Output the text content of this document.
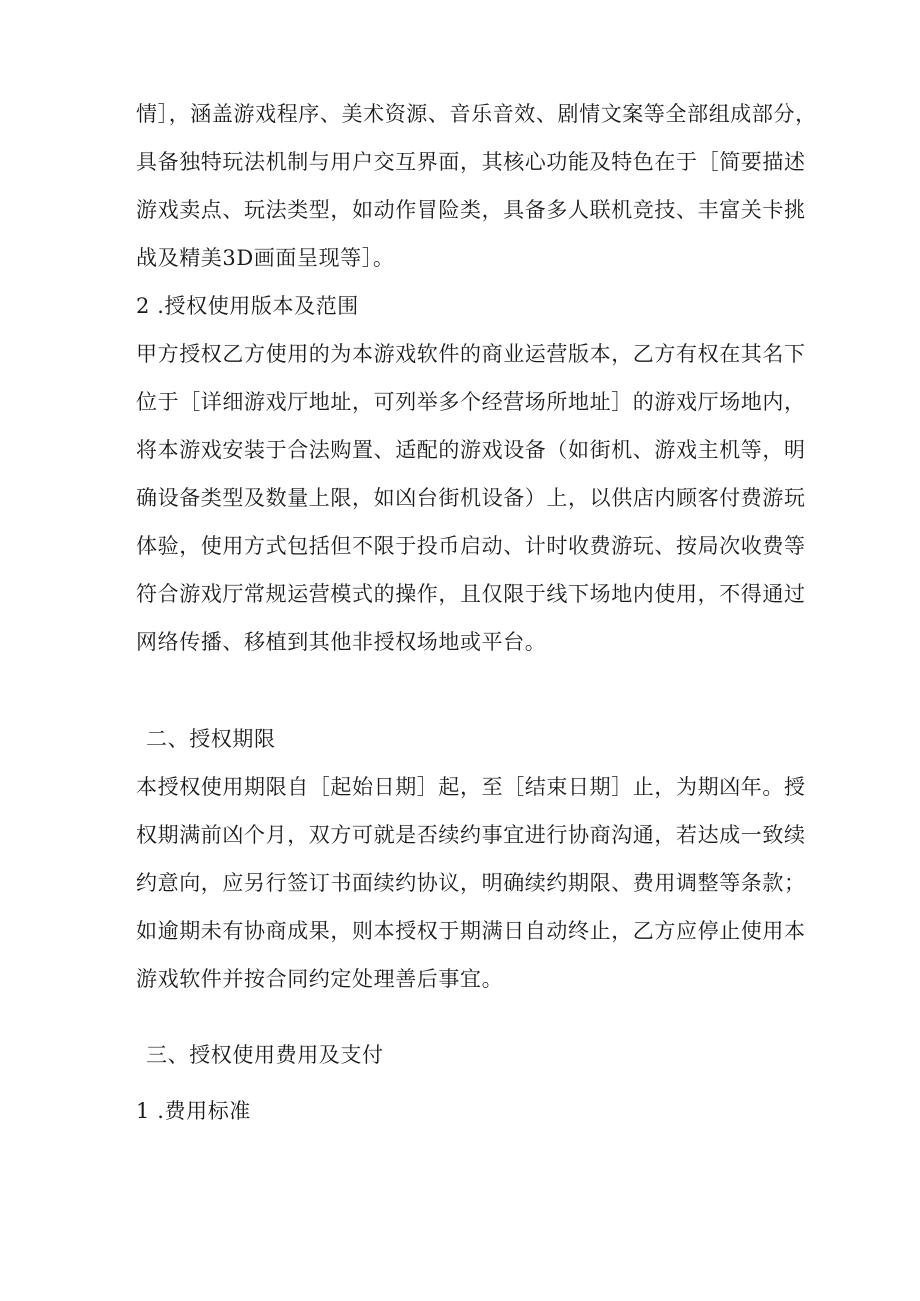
情］，涵盖游戏程序、美术资源、音乐音效、剧情文案等全部组成部分，
具备独特玩法机制与用户交互界面，其核心功能及特色在于［简要描述
游戏卖点、玩法类型，如动作冒险类，具备多人联机竞技、丰富关卡挑
战及精美3D画面呈现等］。
2 .授权使用版本及范围
甲方授权乙方使用的为本游戏软件的商业运营版本，乙方有权在其名下
位于［详细游戏厅地址，可列举多个经营场所地址］的游戏厅场地内，
将本游戏安装于合法购置、适配的游戏设备（如街机、游戏主机等，明
确设备类型及数量上限，如凶台街机设备）上，以供店内顾客付费游玩
体验，使用方式包括但不限于投币启动、计时收费游玩、按局次收费等
符合游戏厅常规运营模式的操作，且仅限于线下场地内使用，不得通过
网络传播、移植到其他非授权场地或平台。
二、授权期限
本授权使用期限自［起始日期］起，至［结束日期］止，为期凶年。授
权期满前凶个月，双方可就是否续约事宜进行协商沟通，若达成一致续
约意向，应另行签订书面续约协议，明确续约期限、费用调整等条款；
如逾期未有协商成果，则本授权于期满日自动终止，乙方应停止使用本
游戏软件并按合同约定处理善后事宜。
三、授权使用费用及支付
1 .费用标准
